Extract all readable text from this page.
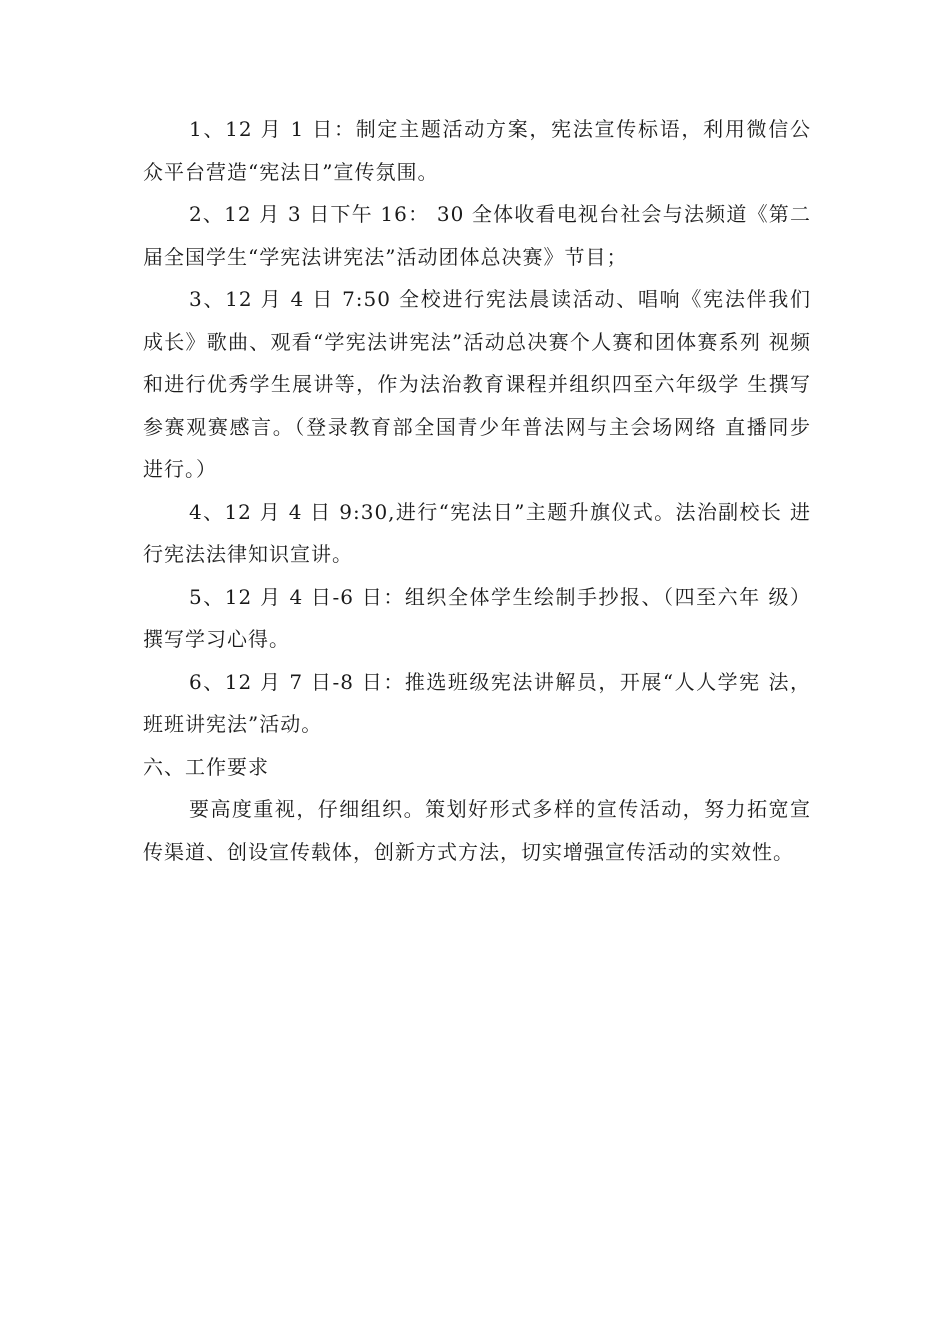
1、12 月 1 日：制定主题活动方案，宪法宣传标语，利用微信公众平台营造“宪法日”宣传氛围。

2、12 月 3 日下午 16： 30 全体收看电视台社会与法频道《第二届全国学生“学宪法讲宪法”活动团体总决赛》节目；

3、12 月 4 日 7:50 全校进行宪法晨读活动、唱响《宪法伴我们 成长》歌曲、观看“学宪法讲宪法”活动总决赛个人赛和团体赛系列 视频和进行优秀学生展讲等，作为法治教育课程并组织四至六年级学 生撰写参赛观赛感言。（登录教育部全国青少年普法网与主会场网络 直播同步进行。）

4、12 月 4 日 9:30,进行“宪法日”主题升旗仪式。法治副校长 进行宪法法律知识宣讲。

5、12 月 4 日-6 日：组织全体学生绘制手抄报、（四至六年 级）撰写学习心得。

6、12 月 7 日-8 日：推选班级宪法讲解员，开展“人人学宪 法，班班讲宪法”活动。

六、工作要求

要高度重视，仔细组织。策划好形式多样的宣传活动，努力拓宽宣传渠道、创设宣传载体，创新方式方法，切实增强宣传活动的实效性。
